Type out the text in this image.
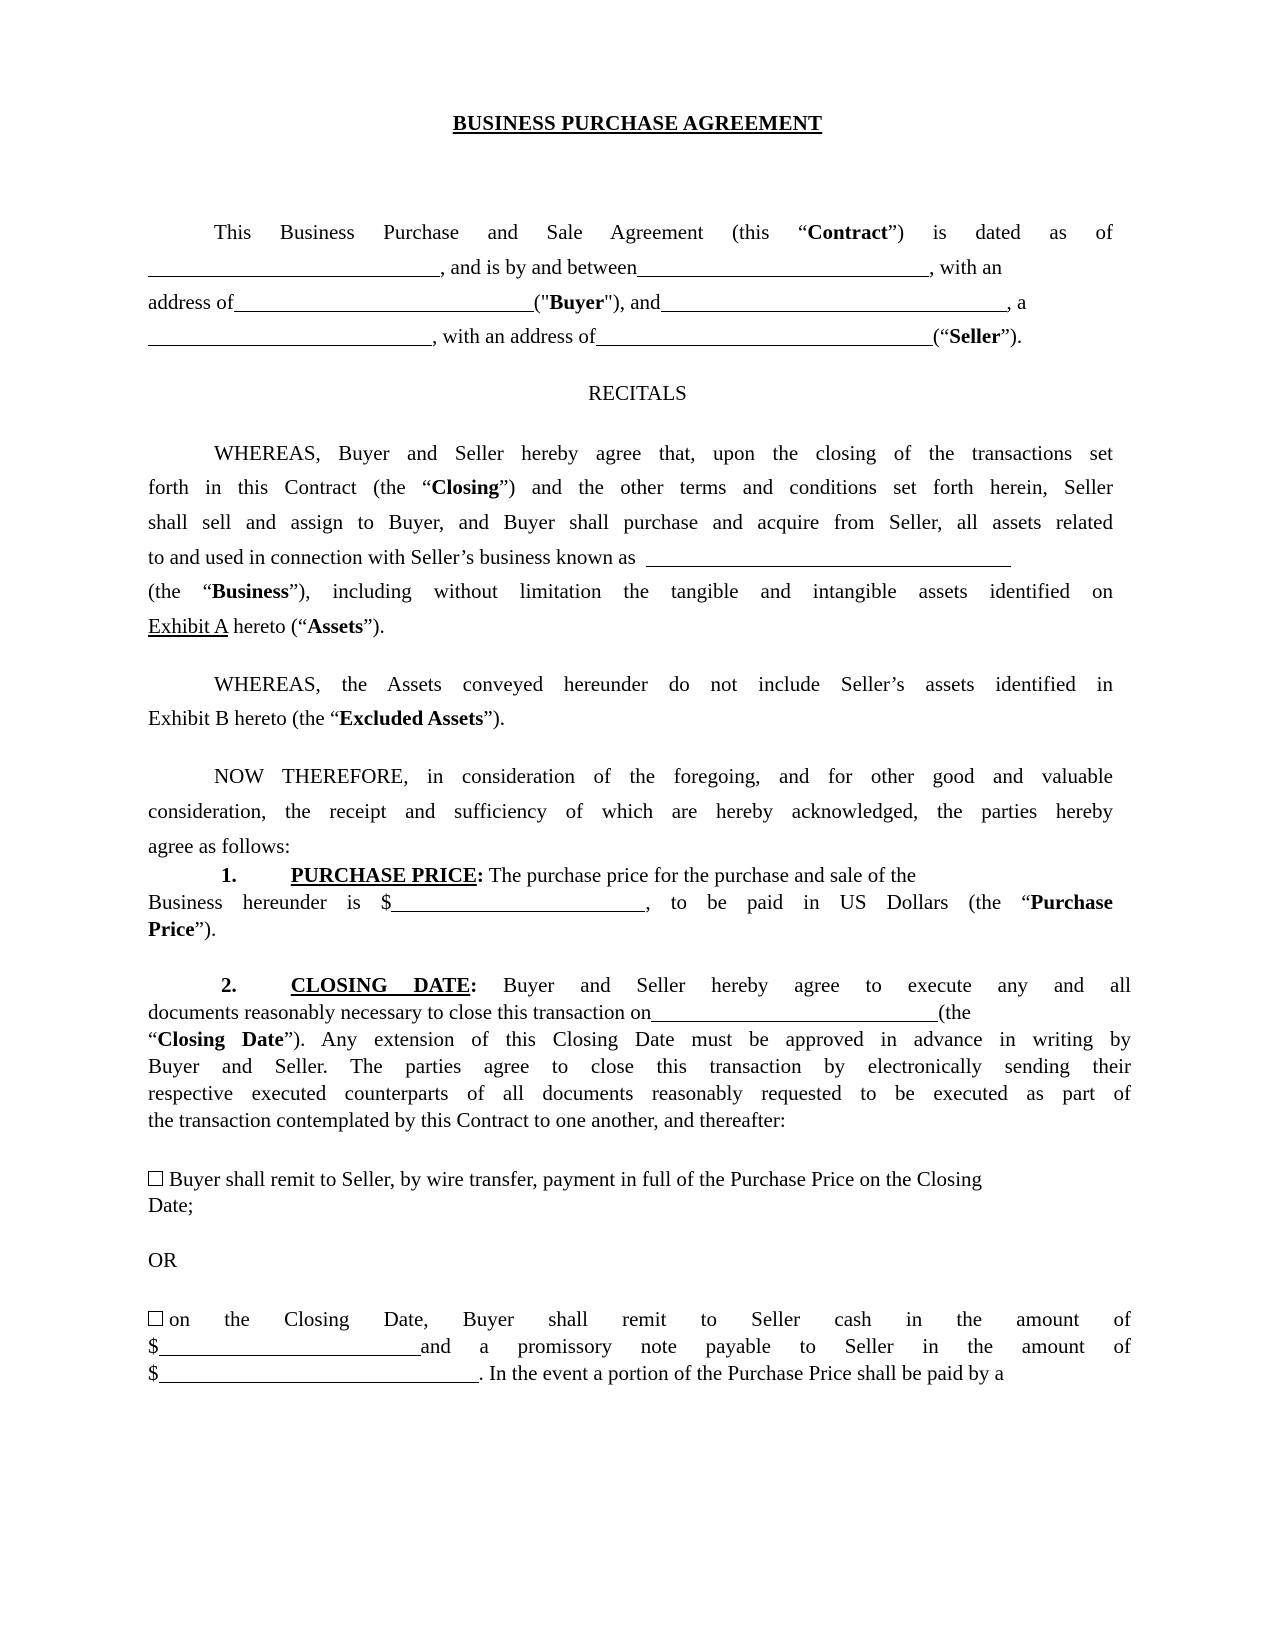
BUSINESS PURCHASE AGREEMENT
This Business Purchase and Sale Agreement (this “Contract”) is dated as of
, and is by and between	, with an
address of	("Buyer"), and	, a
, with an address of	(“Seller”).
RECITALS
WHEREAS, Buyer and Seller hereby agree that, upon the closing of the transactions set
forth in this Contract (the “Closing”) and the other terms and conditions set forth herein, Seller
shall sell and assign to Buyer, and Buyer shall purchase and acquire from Seller, all assets related
to and used in connection with Seller’s business known as
(the “Business”), including without limitation the tangible and intangible assets identified on
Exhibit A hereto (“Assets”).
WHEREAS, the Assets conveyed hereunder do not include Seller’s assets identified in
Exhibit B hereto (the “Excluded Assets”).
NOW THEREFORE, in consideration of the foregoing, and for other good and valuable
consideration, the receipt and sufficiency of which are hereby acknowledged, the parties hereby
agree as follows:
1.	PURCHASE PRICE: The purchase price for the purchase and sale of the
Business hereunder is $	, to be paid in US Dollars (the “Purchase
Price”).
2.	CLOSING DATE: Buyer and Seller hereby agree to execute any and all
documents reasonably necessary to close this transaction on	(the
“Closing Date”). Any extension of this Closing Date must be approved in advance in writing by
Buyer and Seller. The parties agree to close this transaction by electronically sending their
respective executed counterparts of all documents reasonably requested to be executed as part of
the transaction contemplated by this Contract to one another, and thereafter:
Buyer shall remit to Seller, by wire transfer, payment in full of the Purchase Price on the Closing
Date;
OR
on the Closing Date, Buyer shall remit to Seller cash in the amount of
$	and a promissory note payable to Seller in the amount of
$	. In the event a portion of the Purchase Price shall be paid by a
